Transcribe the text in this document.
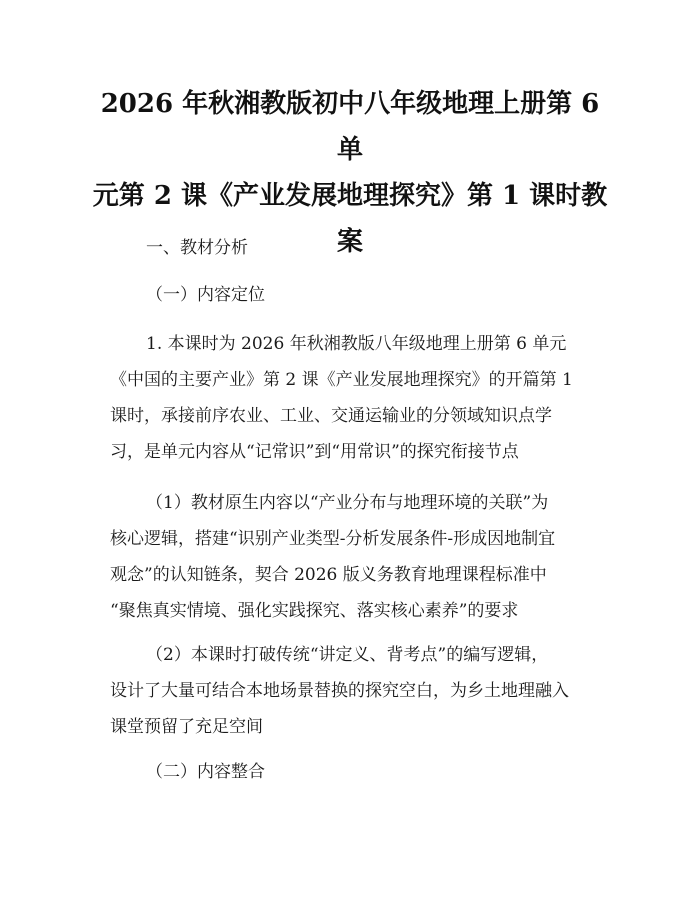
2026 年秋湘教版初中八年级地理上册第 6 单
元第 2 课《产业发展地理探究》第 1 课时教
案
一、教材分析
（一）内容定位
1. 本课时为 2026 年秋湘教版八年级地理上册第 6 单元
《中国的主要产业》第 2 课《产业发展地理探究》的开篇第 1
课时，承接前序农业、工业、交通运输业的分领域知识点学
习，是单元内容从“记常识”到“用常识”的探究衔接节点
（1）教材原生内容以“产业分布与地理环境的关联”为
核心逻辑，搭建“识别产业类型-分析发展条件-形成因地制宜
观念”的认知链条，契合 2026 版义务教育地理课程标准中
“聚焦真实情境、强化实践探究、落实核心素养”的要求
（2）本课时打破传统“讲定义、背考点”的编写逻辑，
设计了大量可结合本地场景替换的探究空白，为乡土地理融入
课堂预留了充足空间
（二）内容整合
